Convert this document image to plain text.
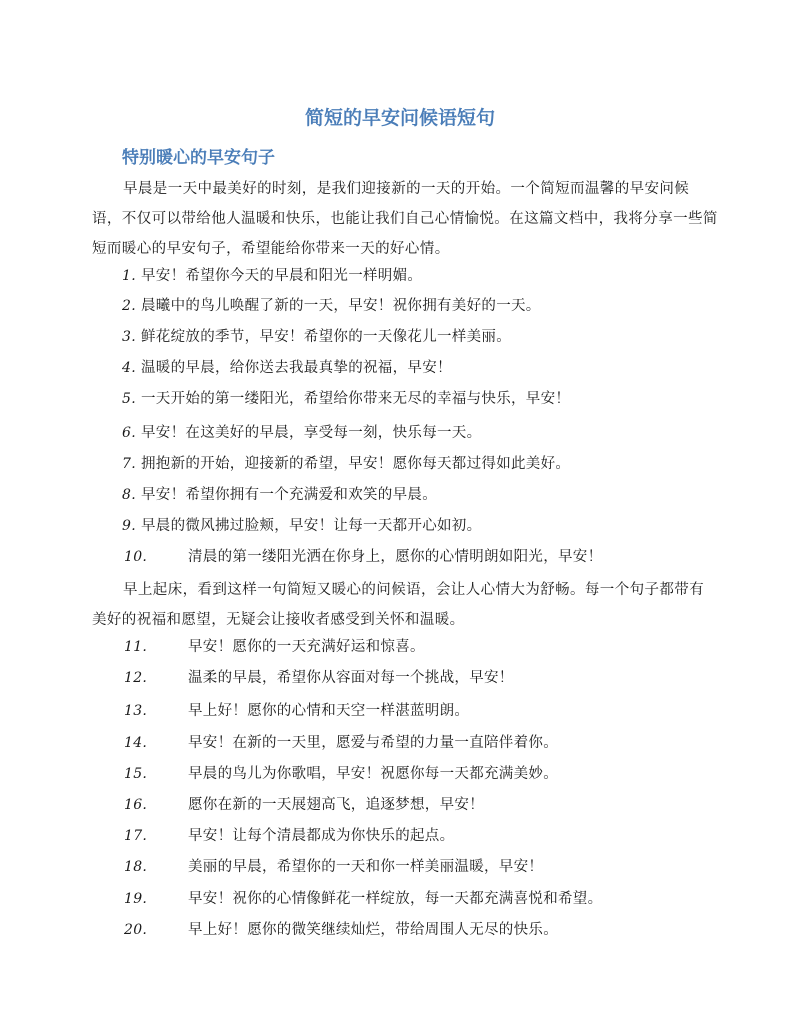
简短的早安问候语短句
特别暖心的早安句子
早晨是一天中最美好的时刻，是我们迎接新的一天的开始。一个简短而温馨的早安问候语，不仅可以带给他人温暖和快乐，也能让我们自己心情愉悦。在这篇文档中，我将分享一些简短而暖心的早安句子，希望能给你带来一天的好心情。
1. 早安！希望你今天的早晨和阳光一样明媚。
2. 晨曦中的鸟儿唤醒了新的一天，早安！祝你拥有美好的一天。
3. 鲜花绽放的季节，早安！希望你的一天像花儿一样美丽。
4. 温暖的早晨，给你送去我最真挚的祝福，早安！
5. 一天开始的第一缕阳光，希望给你带来无尽的幸福与快乐，早安！
6. 早安！在这美好的早晨，享受每一刻，快乐每一天。
7. 拥抱新的开始，迎接新的希望，早安！愿你每天都过得如此美好。
8. 早安！希望你拥有一个充满爱和欢笑的早晨。
9. 早晨的微风拂过脸颊，早安！让每一天都开心如初。
10.	清晨的第一缕阳光洒在你身上，愿你的心情明朗如阳光，早安！
早上起床，看到这样一句简短又暖心的问候语，会让人心情大为舒畅。每一个句子都带有美好的祝福和愿望，无疑会让接收者感受到关怀和温暖。
11.	早安！愿你的一天充满好运和惊喜。
12.	温柔的早晨，希望你从容面对每一个挑战，早安！
13.	早上好！愿你的心情和天空一样湛蓝明朗。
14.	早安！在新的一天里，愿爱与希望的力量一直陪伴着你。
15.	早晨的鸟儿为你歌唱，早安！祝愿你每一天都充满美妙。
16.	愿你在新的一天展翅高飞，追逐梦想，早安！
17.	早安！让每个清晨都成为你快乐的起点。
18.	美丽的早晨，希望你的一天和你一样美丽温暖，早安！
19.	早安！祝你的心情像鲜花一样绽放，每一天都充满喜悦和希望。
20.	早上好！愿你的微笑继续灿烂，带给周围人无尽的快乐。
